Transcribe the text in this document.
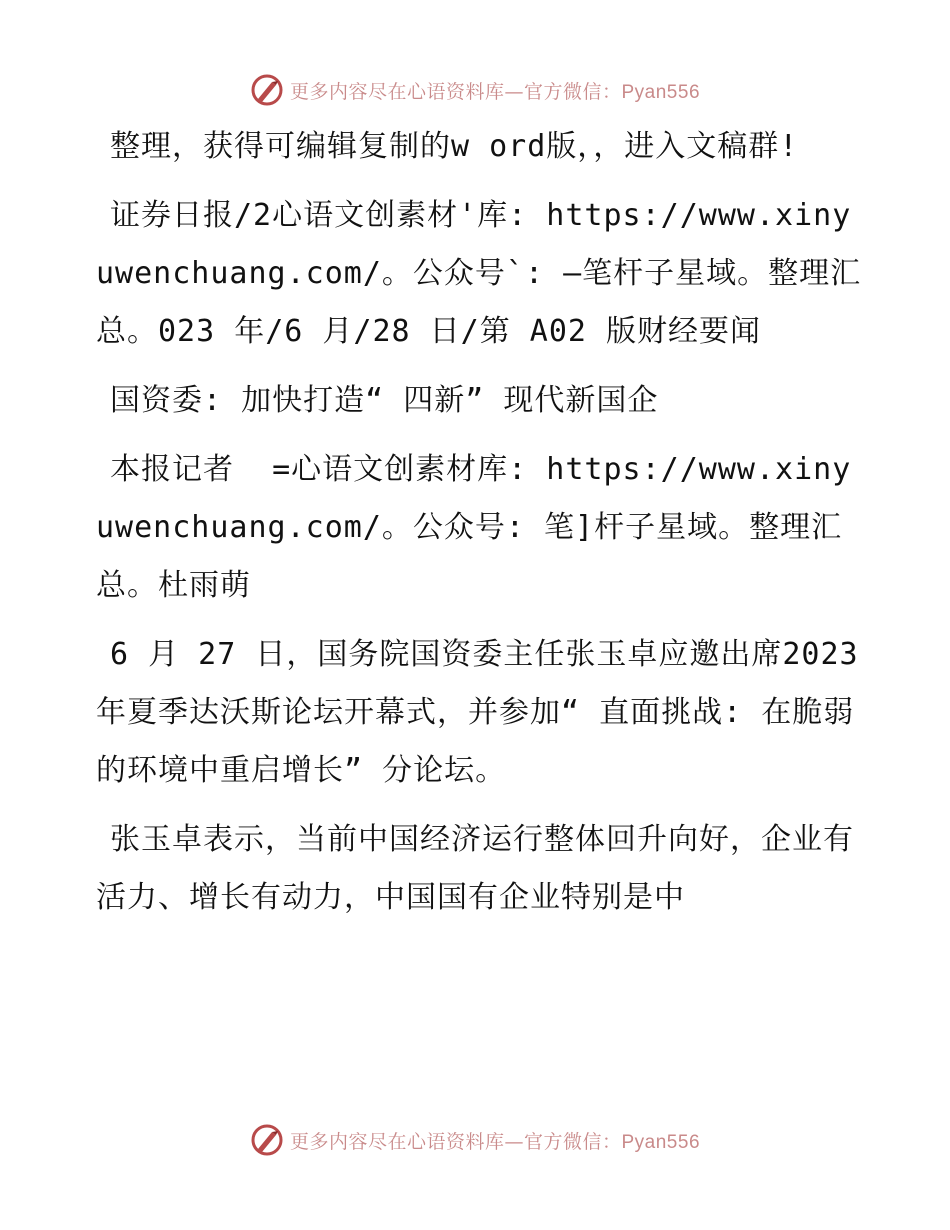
更多内容尽在心语资料库—官方微信：Pyan556

整理，获得可编辑复制的w ord版，，进入文稿群!

证券日报/2心语文创素材'库: https://www.xinyuwenchuang.com/。公众号`: —笔杆子星域。整理汇总。023 年/6 月/28 日/第 A02 版财经要闻

国资委: 加快打造“ 四新” 现代新国企

本报记者  =心语文创素材库: https://www.xinyuwenchuang.com/。公众号: 笔]杆子星域。整理汇总。杜雨萌

6 月 27 日，国务院国资委主任张玉卓应邀出席2023 年夏季达沃斯论坛开幕式，并参加“ 直面挑战: 在脆弱的环境中重启增长” 分论坛。

张玉卓表示，当前中国经济运行整体回升向好，企业有活力、增长有动力，中国国有企业特别是中

更多内容尽在心语资料库—官方微信：Pyan556
